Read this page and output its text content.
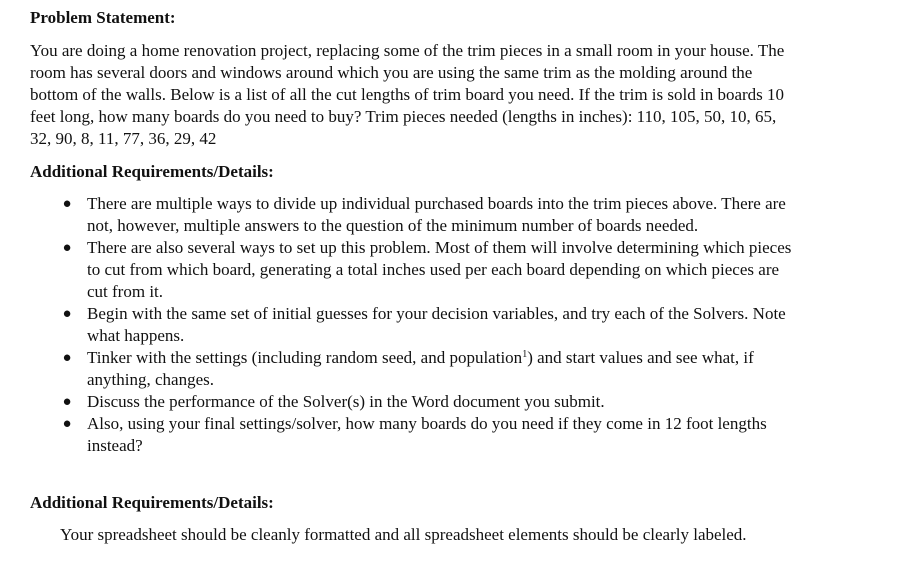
Problem Statement:

You are doing a home renovation project, replacing some of the trim pieces in a small room in your house. The
room has several doors and windows around which you are using the same trim as the molding around the
bottom of the walls. Below is a list of all the cut lengths of trim board you need. If the trim is sold in boards 10
feet long, how many boards do you need to buy? Trim pieces needed (lengths in inches): 110, 105, 50, 10, 65,
32, 90, 8, 11, 77, 36, 29, 42

Additional Requirements/Details:

● There are multiple ways to divide up individual purchased boards into the trim pieces above. There are
not, however, multiple answers to the question of the minimum number of boards needed.
● There are also several ways to set up this problem. Most of them will involve determining which pieces
to cut from which board, generating a total inches used per each board depending on which pieces are
cut from it.
● Begin with the same set of initial guesses for your decision variables, and try each of the Solvers. Note
what happens.
● Tinker with the settings (including random seed, and population$^1$) and start values and see what, if
anything, changes.
● Discuss the performance of the Solver(s) in the Word document you submit.
● Also, using your final settings/solver, how many boards do you need if they come in 12 foot lengths
instead?

Additional Requirements/Details:

Your spreadsheet should be cleanly formatted and all spreadsheet elements should be clearly labeled.
